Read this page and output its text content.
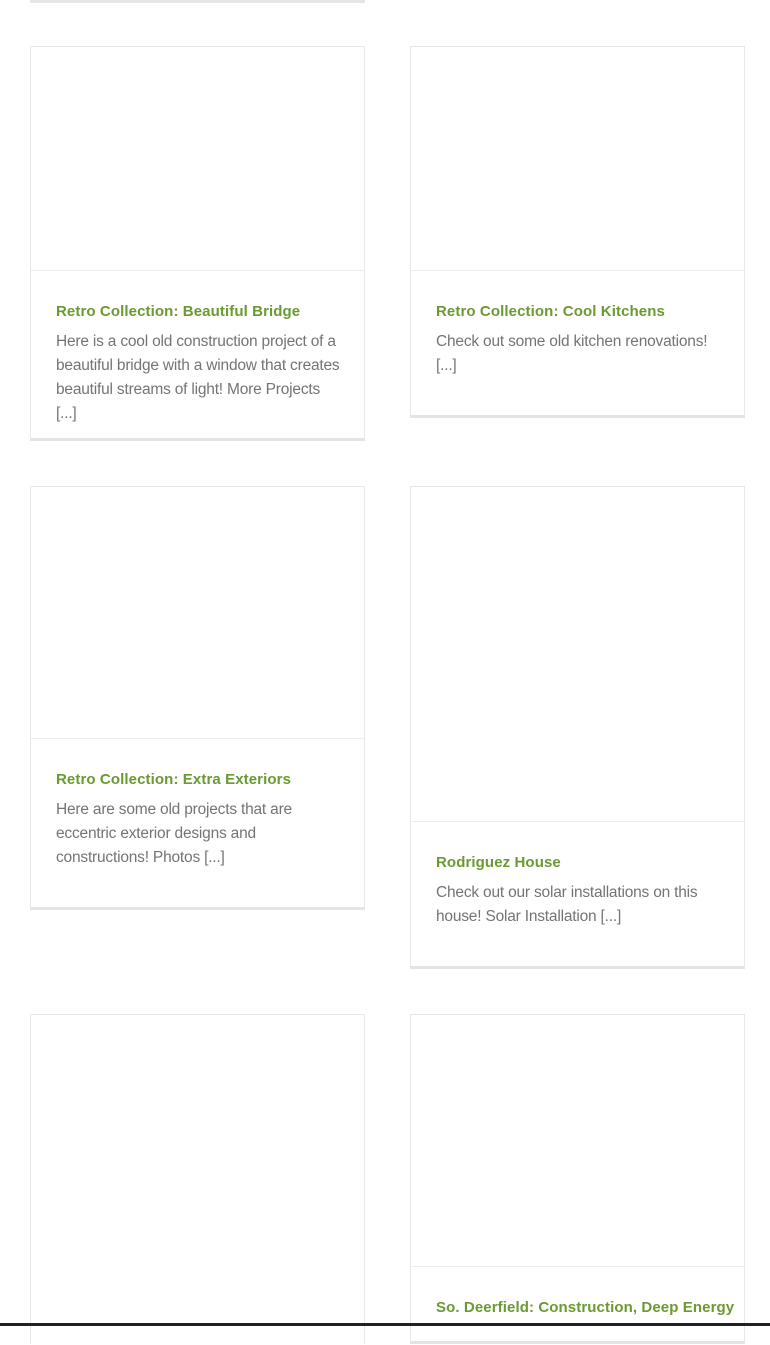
Retro Collection: Beautiful Bridge

Here is a cool old construction project of a beautiful bridge with a window that creates beautiful streams of light! More Projects [...]

Retro Collection: Cool Kitchens

Check out some old kitchen renovations! [...]

Retro Collection: Extra Exteriors

Here are some old projects that are eccentric exterior designs and constructions! Photos [...]	Rodriguez House

Check out our solar installations on this house! Solar Installation [...]

So. Deerfield: Construction, Deep Energy
